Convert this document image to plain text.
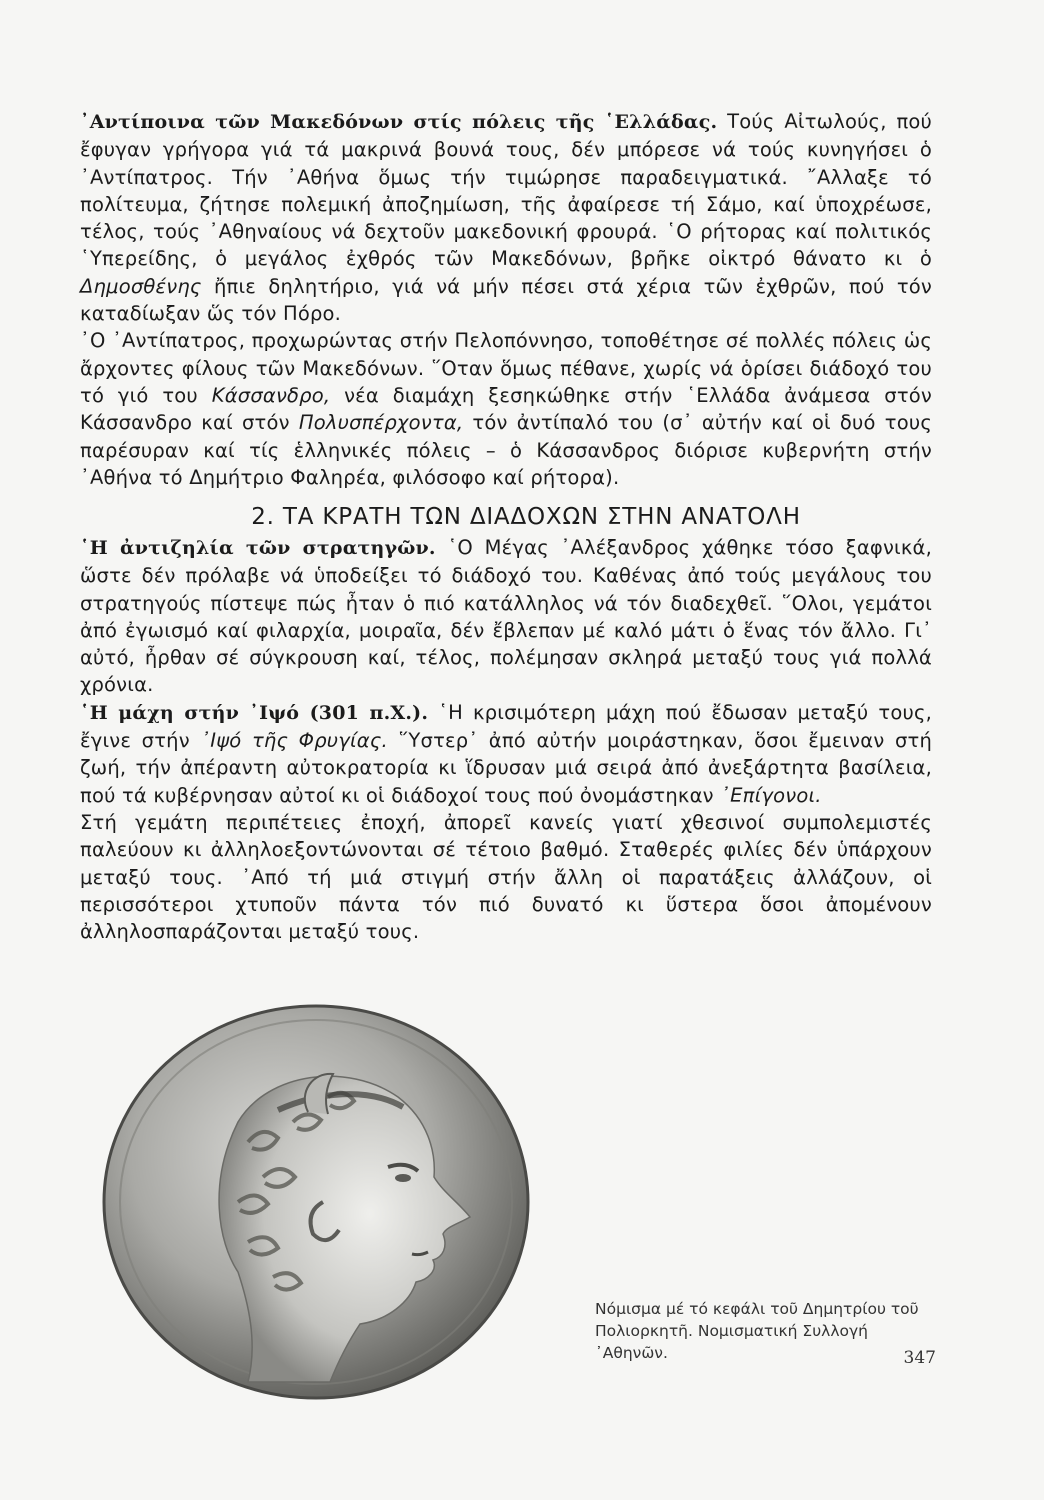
᾿Αντίποινα τῶν Μακεδόνων στίς πόλεις τῆς ῾Ελλάδας. Τούς Αἰτωλούς, πού ἔφυγαν γρήγορα γιά τά μακρινά βουνά τους, δέν μπόρεσε νά τούς κυνηγήσει ὁ ᾿Αντίπατρος. Τήν ᾿Αθήνα ὅμως τήν τιμώρησε παραδειγματικά. ῎Αλλαξε τό πολίτευμα, ζήτησε πολεμική ἀποζημίωση, τῆς ἀφαίρεσε τή Σάμο, καί ὑποχρέωσε, τέλος, τούς ᾿Αθηναίους νά δεχτοῦν μακεδονική φρουρά. ῾Ο ρήτορας καί πολιτικός ῾Υπερείδης, ὁ μεγάλος ἐχθρός τῶν Μακεδόνων, βρῆκε οἰκτρό θάνατο κι ὁ Δημοσθένης ἤπιε δηλητήριο, γιά νά μήν πέσει στά χέρια τῶν ἐχθρῶν, πού τόν καταδίωξαν ὥς τόν Πόρο.

᾿Ο ᾿Αντίπατρος, προχωρώντας στήν Πελοπόννησο, τοποθέτησε σέ πολλές πόλεις ὡς ἄρχοντες φίλους τῶν Μακεδόνων. ῞Οταν ὅμως πέθανε, χωρίς νά ὁρίσει διάδοχό του τό γιό του Κάσσανδρο, νέα διαμάχη ξεσηκώθηκε στήν ῾Ελλάδα ἀνάμεσα στόν Κάσσανδρο καί στόν Πολυσπέρχοντα, τόν ἀντίπαλό του (σ᾿ αὐτήν καί οἱ δυό τους παρέσυραν καί τίς ἑλληνικές πόλεις – ὁ Κάσσανδρος διόρισε κυβερνήτη στήν ᾿Αθήνα τό Δημήτριο Φαληρέα, φιλόσοφο καί ρήτορα).

2. ΤΑ ΚΡΑΤΗ ΤΩΝ ΔΙΑΔΟΧΩΝ ΣΤΗΝ ΑΝΑΤΟΛΗ

῾Η ἀντιζηλία τῶν στρατηγῶν. ῾Ο Μέγας ᾿Αλέξανδρος χάθηκε τόσο ξαφνικά, ὥστε δέν πρόλαβε νά ὑποδείξει τό διάδοχό του. Καθένας ἀπό τούς μεγάλους του στρατηγούς πίστεψε πώς ἦταν ὁ πιό κατάλληλος νά τόν διαδεχθεῖ. ῞Ολοι, γεμάτοι ἀπό ἐγωισμό καί φιλαρχία, μοιραῖα, δέν ἔβλεπαν μέ καλό μάτι ὁ ἕνας τόν ἄλλο. Γι᾿ αὐτό, ἦρθαν σέ σύγκρουση καί, τέλος, πολέμησαν σκληρά μεταξύ τους γιά πολλά χρόνια.

῾Η μάχη στήν ᾿Ιψό (301 π.Χ.). ῾Η κρισιμότερη μάχη πού ἔδωσαν μεταξύ τους, ἔγινε στήν ᾿Ιψό τῆς Φρυγίας. ῞Υστερ᾿ ἀπό αὐτήν μοιράστηκαν, ὅσοι ἔμειναν στή ζωή, τήν ἀπέραντη αὐτοκρατορία κι ἵδρυσαν μιά σειρά ἀπό ἀνεξάρτητα βασίλεια, πού τά κυβέρνησαν αὐτοί κι οἱ διάδοχοί τους πού ὀνομάστηκαν ᾿Επίγονοι.

Στή γεμάτη περιπέτειες ἐποχή, ἀπορεῖ κανείς γιατί χθεσινοί συμπολεμιστές παλεύουν κι ἀλληλοεξοντώνονται σέ τέτοιο βαθμό. Σταθερές φιλίες δέν ὑπάρχουν μεταξύ τους. ᾿Από τή μιά στιγμή στήν ἄλλη οἱ παρατάξεις ἀλλάζουν, οἱ περισσότεροι χτυποῦν πάντα τόν πιό δυνατό κι ὕστερα ὅσοι ἀπομένουν ἀλληλοσπαράζονται μεταξύ τους.

Νόμισμα μέ τό κεφάλι τοῦ Δημητρίου τοῦ Πολιορκητῆ. Νομισματική Συλλογή ᾿Αθηνῶν.	347
